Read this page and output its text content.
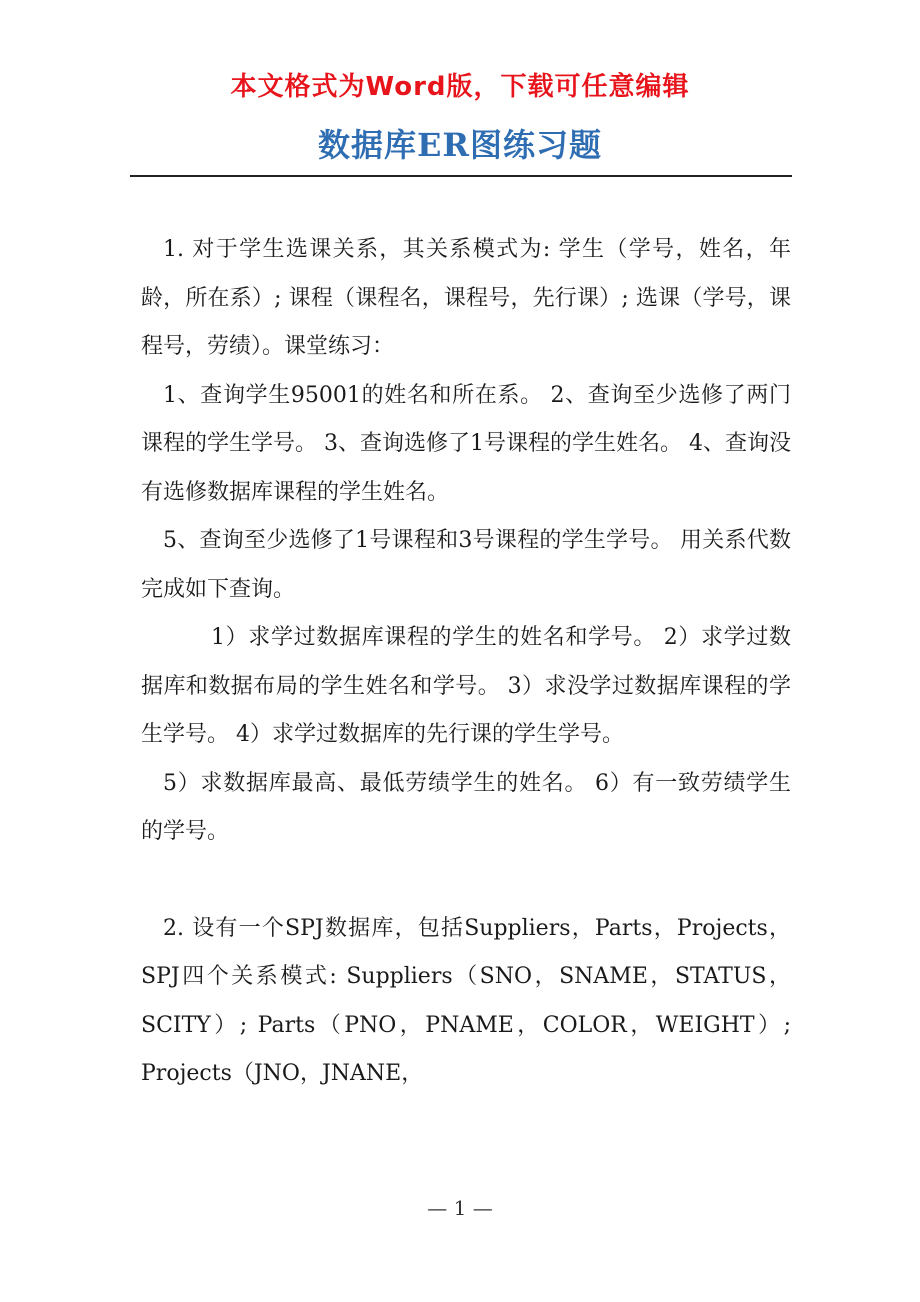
本文格式为Word版，下载可任意编辑
数据库ER图练习题

1. 对于学生选课关系，其关系模式为: 学生（学号，姓名，年龄，所在系）; 课程（课程名，课程号，先行课）; 选课（学号，课程号，劳绩）。课堂练习：

1、查询学生95001的姓名和所在系。 2、查询至少选修了两门课程的学生学号。 3、查询选修了1号课程的学生姓名。 4、查询没有选修数据库课程的学生姓名。

5、查询至少选修了1号课程和3号课程的学生学号。 用关系代数完成如下查询。

1）求学过数据库课程的学生的姓名和学号。 2）求学过数据库和数据布局的学生姓名和学号。 3）求没学过数据库课程的学生学号。 4）求学过数据库的先行课的学生学号。

5）求数据库最高、最低劳绩学生的姓名。 6）有一致劳绩学生的学号。

2. 设有一个SPJ数据库，包括Suppliers，Parts，Projects，SPJ四个关系模式: Suppliers（SNO，SNAME，STATUS，SCITY）; Parts（PNO，PNAME，COLOR，WEIGHT）; Projects（JNO，JNANE，

— 1 —
